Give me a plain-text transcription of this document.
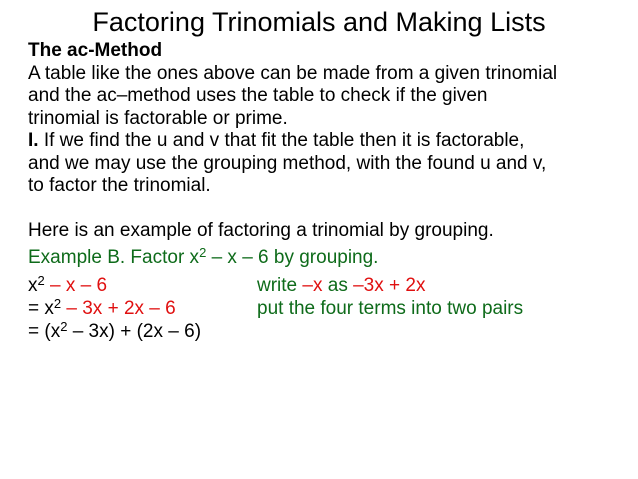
Factoring Trinomials and Making Lists
The ac-Method
A table like the ones above can be made from a given trinomial
and the ac–method uses the table to check if the given
trinomial is factorable or prime.
I. If we find the u and v that fit the table then it is factorable,
and we may use the grouping method, with the found u and v,
to factor the trinomial.
Here is an example of factoring a trinomial by grouping.
Example B. Factor $x^2$ – x – 6 by grouping.
$x^2$ – x – 6	write –x as –3x + 2x
= $x^2 - 3x + 2x - 6$	put the four terms into two pairs
= $(x^2 - 3x) + (2x - 6)$
